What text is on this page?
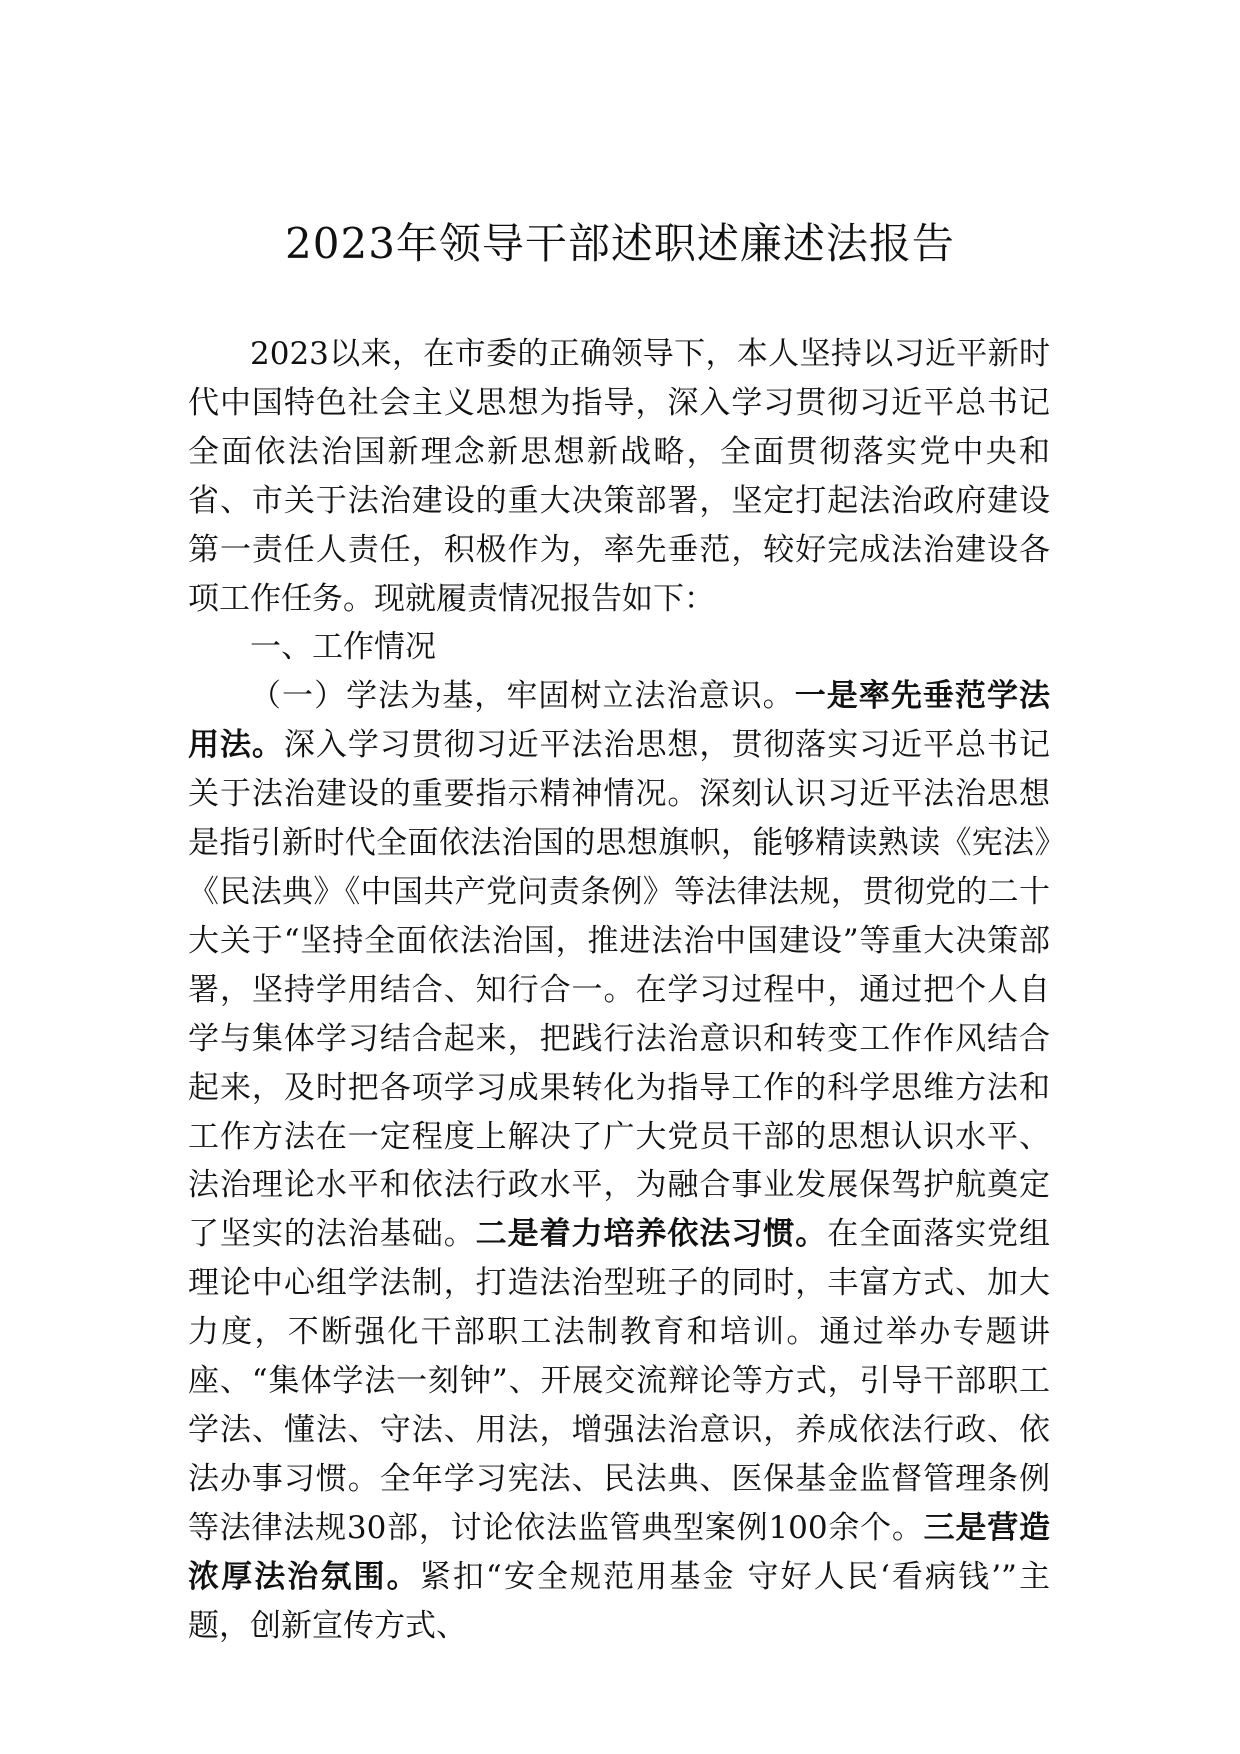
2023年领导干部述职述廉述法报告

2023以来，在市委的正确领导下，本人坚持以习近平新时代中国特色社会主义思想为指导，深入学习贯彻习近平总书记全面依法治国新理念新思想新战略，全面贯彻落实党中央和省、市关于法治建设的重大决策部署，坚定打起法治政府建设第一责任人责任，积极作为，率先垂范，较好完成法治建设各项工作任务。现就履责情况报告如下：

一、工作情况

（一）学法为基，牢固树立法治意识。一是率先垂范学法用法。深入学习贯彻习近平法治思想，贯彻落实习近平总书记关于法治建设的重要指示精神情况。深刻认识习近平法治思想是指引新时代全面依法治国的思想旗帜，能够精读熟读《宪法》《民法典》《中国共产党问责条例》等法律法规，贯彻党的二十大关于“坚持全面依法治国，推进法治中国建设”等重大决策部署，坚持学用结合、知行合一。在学习过程中，通过把个人自学与集体学习结合起来，把践行法治意识和转变工作作风结合起来，及时把各项学习成果转化为指导工作的科学思维方法和工作方法在一定程度上解决了广大党员干部的思想认识水平、法治理论水平和依法行政水平，为融合事业发展保驾护航奠定了坚实的法治基础。二是着力培养依法习惯。在全面落实党组理论中心组学法制，打造法治型班子的同时，丰富方式、加大力度，不断强化干部职工法制教育和培训。通过举办专题讲座、“集体学法一刻钟”、开展交流辩论等方式，引导干部职工学法、懂法、守法、用法，增强法治意识，养成依法行政、依法办事习惯。全年学习宪法、民法典、医保基金监督管理条例等法律法规30部，讨论依法监管典型案例100余个。三是营造浓厚法治氛围。紧扣“安全规范用基金 守好人民‘看病钱’”主题，创新宣传方式、
